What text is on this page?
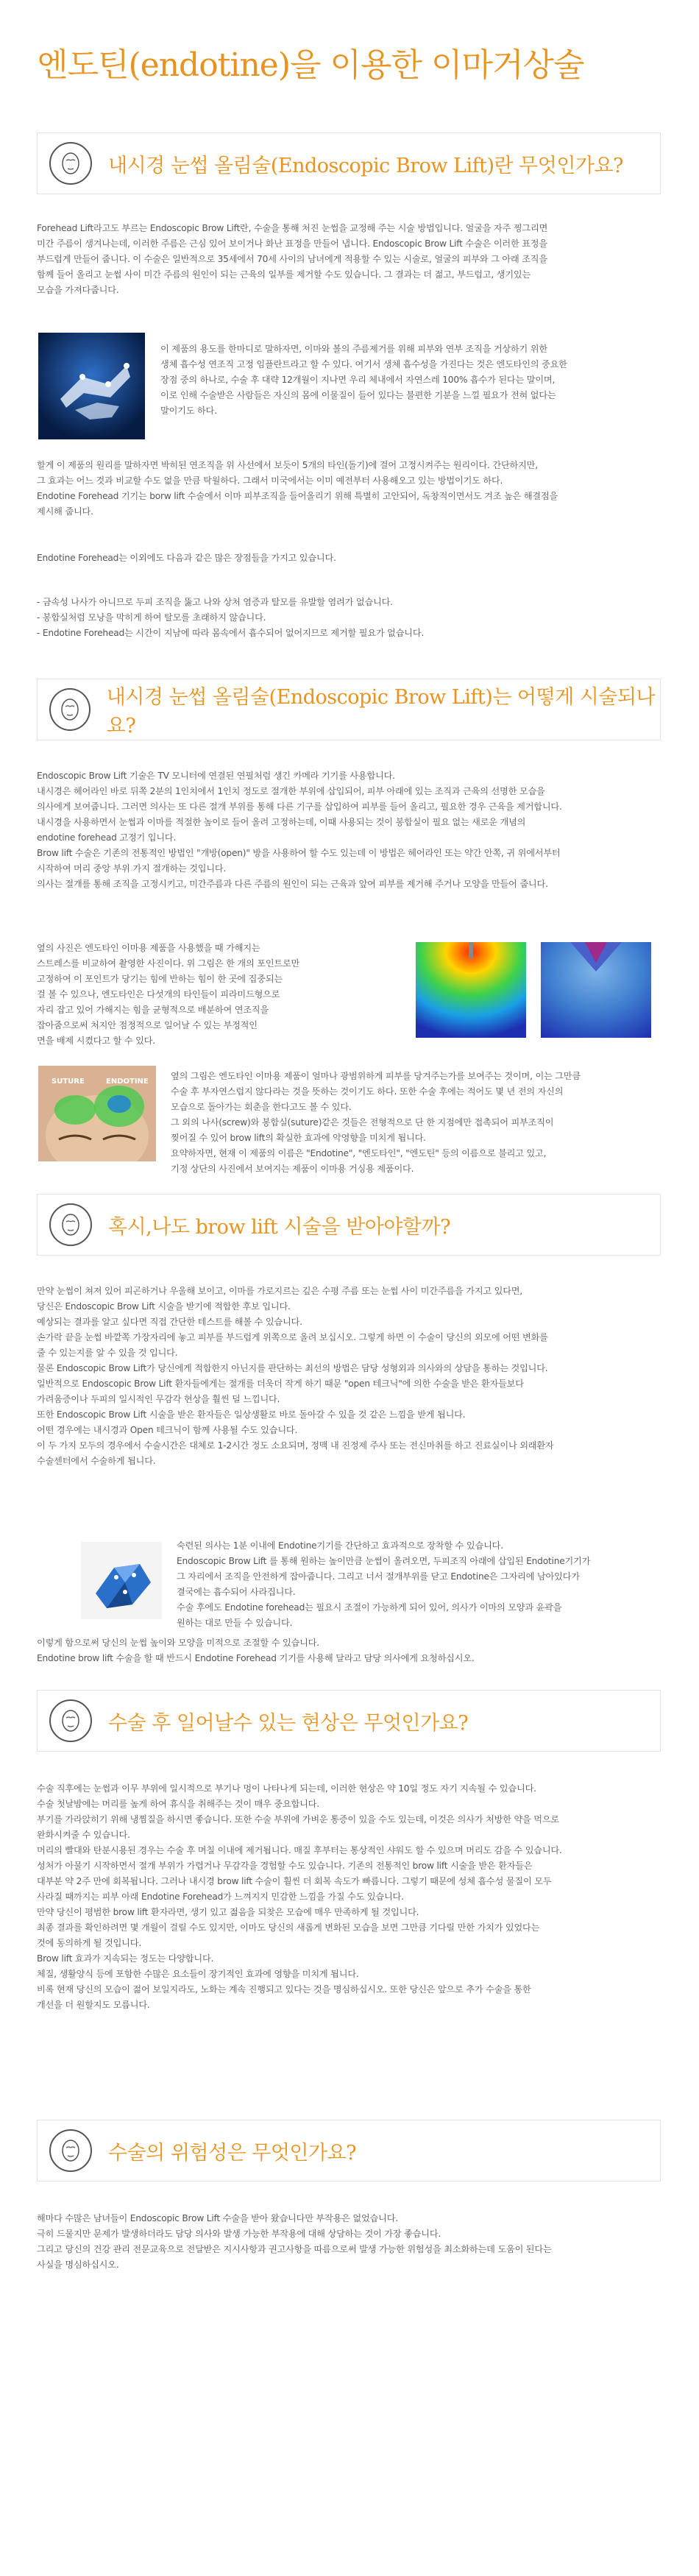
엔도틴(endotine)을 이용한 이마거상술
내시경 눈썹 올림술(Endoscopic Brow Lift)란 무엇인가요?

Forehead Lift라고도 부르는 Endoscopic Brow Lift란, 수술을 통해 처진 눈썹을 교정해 주는 시술 방법입니다. 얼굴을 자주 찡그리면
미간 주름이 생겨나는데, 이러한 주름은 근심 있어 보이거나 화난 표정을 만들어 냅니다. Endoscopic Brow Lift 수술은 이러한 표정을
부드럽게 만들어 줍니다. 이 수술은 일반적으로 35세에서 70세 사이의 남녀에게 적용할 수 있는 시술로, 얼굴의 피부와 그 아래 조직을
함께 들어 올리고 눈썹 사이 미간 주름의 원인이 되는 근육의 일부를 제거할 수도 있습니다. 그 결과는 더 젊고, 부드럽고, 생기있는
모습을 가져다줍니다.

이 제품의 용도를 한마디로 말하자면, 이마와 볼의 주름제거를 위해 피부와 연부 조직을 거상하기 위한
생체 흡수성 연조직 고정 임플란트라고 할 수 있다. 여기서 생체 흡수성을 가진다는 것은 엔도타인의 중요한
장점 중의 하나로, 수술 후 대략 12개월이 지나면 우리 체내에서 자연스레 100% 흡수가 된다는 말이며,
이로 인해 수술받은 사람들은 자신의 몸에 이물질이 들어 있다는 불편한 기분을 느낄 필요가 전혀 없다는
말이기도 하다.

할게 이 제품의 원리를 말하자면 박히된 연조직을 위 사선에서 보듯이 5개의 타인(돌기)에 걸어 고정시켜주는 원리이다. 간단하지만,
그 효과는 어느 것과 비교할 수도 없을 만큼 탁월하다. 그래서 미국에서는 이미 예전부터 사용해오고 있는 방법이기도 하다.
Endotine Forehead 기기는 borw lift 수술에서 이마 피부조직을 들어올리기 위해 특별히 고안되어, 독창적이면서도 겨조 높은 해결점을
제시해 줍니다.

Endotine Forehead는 이외에도 다음과 같은 많은 장점들을 가지고 있습니다.

- 금속성 나사가 아니므로 두피 조직을 뚫고 나와 상처 염증과 탈모를 유발할 염려가 없습니다.
- 봉합실처럼 모낭을 막히게 하여 탈모를 초래하지 않습니다.
- Endotine Forehead는 시간이 지남에 따라 몸속에서 흡수되어 없어지므로 제거할 필요가 없습니다.

내시경 눈썹 올림술(Endoscopic Brow Lift)는 어떻게 시술되나요?

Endoscopic Brow Lift 기술은 TV 모니터에 연결된 연필처럼 생긴 카메라 기기를 사용합니다.
내시경은 헤어라인 바로 뒤쪽 2분의 1인치에서 1인치 정도로 절개한 부위에 삽입되어, 피부 아래에 있는 조직과 근육의 선명한 모습을
의사에게 보여줍니다. 그러면 의사는 또 다른 절개 부위를 통해 다른 기구를 삽입하여 피부를 들어 올리고, 필요한 경우 근육을 제거합니다.
내시경을 사용하면서 눈썹과 이마를 적절한 높이로 들어 올려 고정하는데, 이때 사용되는 것이 봉합실이 필요 없는 새로운 개념의
endotine forehead 고정기 입니다.
Brow lift 수술은 기존의 전통적인 방법인 "개방(open)" 방을 사용하여 할 수도 있는데 이 방법은 헤어라인 또는 약간 안쪽, 귀 위에서부터
시작하여 머리 중앙 부위 가지 절개하는 것입니다.
의사는 절개를 통해 조직을 고정시키고, 미간주름과 다른 주름의 원인이 되는 근육과 앞여 피부를 제거해 주거나 모양을 만들어 줍니다.

옆의 사진은 엔도타인 이마용 제품을 사용했을 때 가해지는
스트레스를 비교하여 촬영한 사진이다. 위 그림은 한 개의 포인트로만
고정하여 이 포인트가 당기는 힘에 반하는 힘이 한 곳에 집중되는
걸 볼 수 있으나, 엔도타인은 다섯개의 타인들이 피라미드형으로
자리 잡고 있어 가해지는 힘을 균형적으로 배분하여 연조직을
잡아줌으로써 처지안 점정적으로 일어날 수 있는 부정적인
면을 배제 시켰다고 할 수 있다.

SUTURE	ENDOTINE

옆의 그림은 엔도타인 이마용 제품이 얼마나 광범위하게 피부를 당겨주는가를 보여주는 것이며, 이는 그만큼
수술 후 부자연스럽지 않다라는 것을 뜻하는 것이기도 하다. 또한 수술 후에는 적어도 몇 년 전의 자신의
모습으로 돌아가는 회춘을 한다고도 볼 수 있다.
그 외의 나사(screw)와 봉합실(suture)같은 것들은 전형적으로 단 한 지점에만 접촉되어 피부조직이
찢어질 수 있어 brow lift의 확실한 효과에 악영향을 미치게 됩니다.
요약하자면, 현재 이 제품의 이름은 "Endotine", "엔도타인", "엔도틴" 등의 이름으로 불리고 있고,
기정 상단의 사진에서 보여지는 제품이 이마용 거싱용 제품이다.

혹시,나도 brow lift 시술을 받아야할까?

만약 눈썹이 쳐져 있어 피곤하거나 우울해 보이고, 이마를 가로지르는 깊은 수평 주름 또는 눈썹 사이 미간주름을 가지고 있다면,
당신은 Endoscopic Brow Lift 시술을 받기에 적합한 후보 입니다.
예상되는 결과를 알고 싶다면 직접 간단한 테스트를 해볼 수 있습니다.
손가락 끝을 눈썹 바깥쪽 가장자리에 놓고 피부를 부드럽게 위쪽으로 올려 보십시오. 그렇게 하면 이 수술이 당신의 외모에 어떤 변화를
줄 수 있는지를 알 수 있을 것 입니다.
물론 Endoscopic Brow Lift가 당신에게 적합한지 아닌지를 판단하는 최선의 방법은 담당 성형외과 의사와의 상담을 통하는 것입니다.
일반적으로 Endoscopic Brow Lift 환자들에게는 절개를 더욱더 작게 하기 때문 "open 테크닉"에 의한 수술을 받은 환자들보다
가려움증이나 두피의 일시적인 무감각 현상을 훨씬 덜 느낍니다.
또한 Endoscopic Brow Lift 시술을 받은 환자들은 일상생활로 바로 돌아갈 수 있을 것 같은 느낌을 받게 됩니다.
어떤 경우에는 내시경과 Open 테크닉이 함께 사용될 수도 있습니다.
이 두 가지 모두의 경우에서 수술시간은 대체로 1-2시간 정도 소요되며, 정맥 내 진정제 주사 또는 전신마취를 하고 진료실이나 외래환자
수술센터에서 수술하게 됩니다.

숙련된 의사는 1분 이내에 Endotine기기를 간단하고 효과적으로 장착할 수 있습니다.
Endoscopic Brow Lift 를 통해 원하는 높이만큼 눈썹이 올려오면, 두피조직 아래에 삽입된 Endotine기기가
그 자리에서 조직을 안전하게 잡아줍니다. 그리고 너서 절개부위를 닫고 Endotine은 그자리에 남아있다가
결국에는 흡수되어 사라집니다.
수술 후에도 Endotine forehead는 필요시 조절이 가능하게 되어 있어, 의사가 이마의 모양과 윤곽을
원하는 대로 만들 수 있습니다.

이렇게 함으로써 당신의 눈썹 높이와 모양을 미적으로 조절할 수 있습니다.
Endotine brow lift 수술을 할 때 반드시 Endotine Forehead 기기를 사용해 달라고 담당 의사에게 요청하십시오.

수술 후 일어날수 있는 현상은 무엇인가요?

수술 직후에는 눈썹과 이무 부위에 일시적으로 부기나 멍이 나타나게 되는데, 이러한 현상은 약 10일 정도 자기 지속될 수 있습니다.
수술 첫날밤에는 머리를 높게 하여 휴식을 취해주는 것이 매우 중요합니다.
부기를 가라앉히기 위해 냉찜질을 하시면 좋습니다. 또한 수술 부위에 가벼운 통증이 있을 수도 있는데, 이것은 의사가 처방한 약을 먹으로
완화시켜줄 수 있습니다.
머리의 빨대와 탄분시용된 경우는 수술 후 며칠 이내에 제거됩니다. 매질 후부터는 통상적인 샤워도 할 수 있으며 머리도 감을 수 있습니다.
성처가 아물기 시작하면서 절개 부위가 가렵거나 무감각을 경험할 수도 있습니다. 기존의 전통적인 brow lift 시술을 받은 환자들은
대부분 약 2주 만에 회복됩니다. 그러나 내시경 brow lift 수술이 훨씬 더 회복 속도가 빠릅니다. 그렇기 때문에 성체 흡수성 물질이 모두
사라질 때까지는 피부 아래 Endotine Forehead가 느껴지지 민감한 느낌을 가질 수도 있습니다.
만약 당신이 평범한 brow lift 환자라면, 생기 있고 젊음을 되찾은 모습에 매우 만족하게 될 것입니다.
최종 결과를 확인하려면 몇 개월이 걸릴 수도 있지만, 이마도 당신의 새롭게 변화된 모습을 보면 그만큼 기다릴 만한 가치가 있었다는
것에 동의하게 될 것입니다.
Brow lift 효과가 지속되는 정도는 다양합니다.
체질, 생활양식 등에 포함한 수많은 요소들이 장기적인 효과에 영향을 미치게 됩니다.
비록 현재 당신의 모습이 젊어 보일지라도, 노화는 계속 진행되고 있다는 것을 명심하십시오. 또한 당신은 앞으로 추가 수술을 통한
개선을 더 원할지도 모릅니다.

수술의 위험성은 무엇인가요?

해마다 수많은 남녀들이 Endoscopic Brow Lift 수술을 받아 왔습니다만 부작용은 없었습니다.
극히 드물지만 문제가 발생하더라도 담당 의사와 발생 가능한 부작용에 대해 상담하는 것이 가장 좋습니다.
그리고 당신의 건강 관리 전문교육으로 전달받은 지시사항과 권고사항을 따름으로써 발생 가능한 위험성을 최소화하는데 도움이 된다는
사실을 명심하십시오.
